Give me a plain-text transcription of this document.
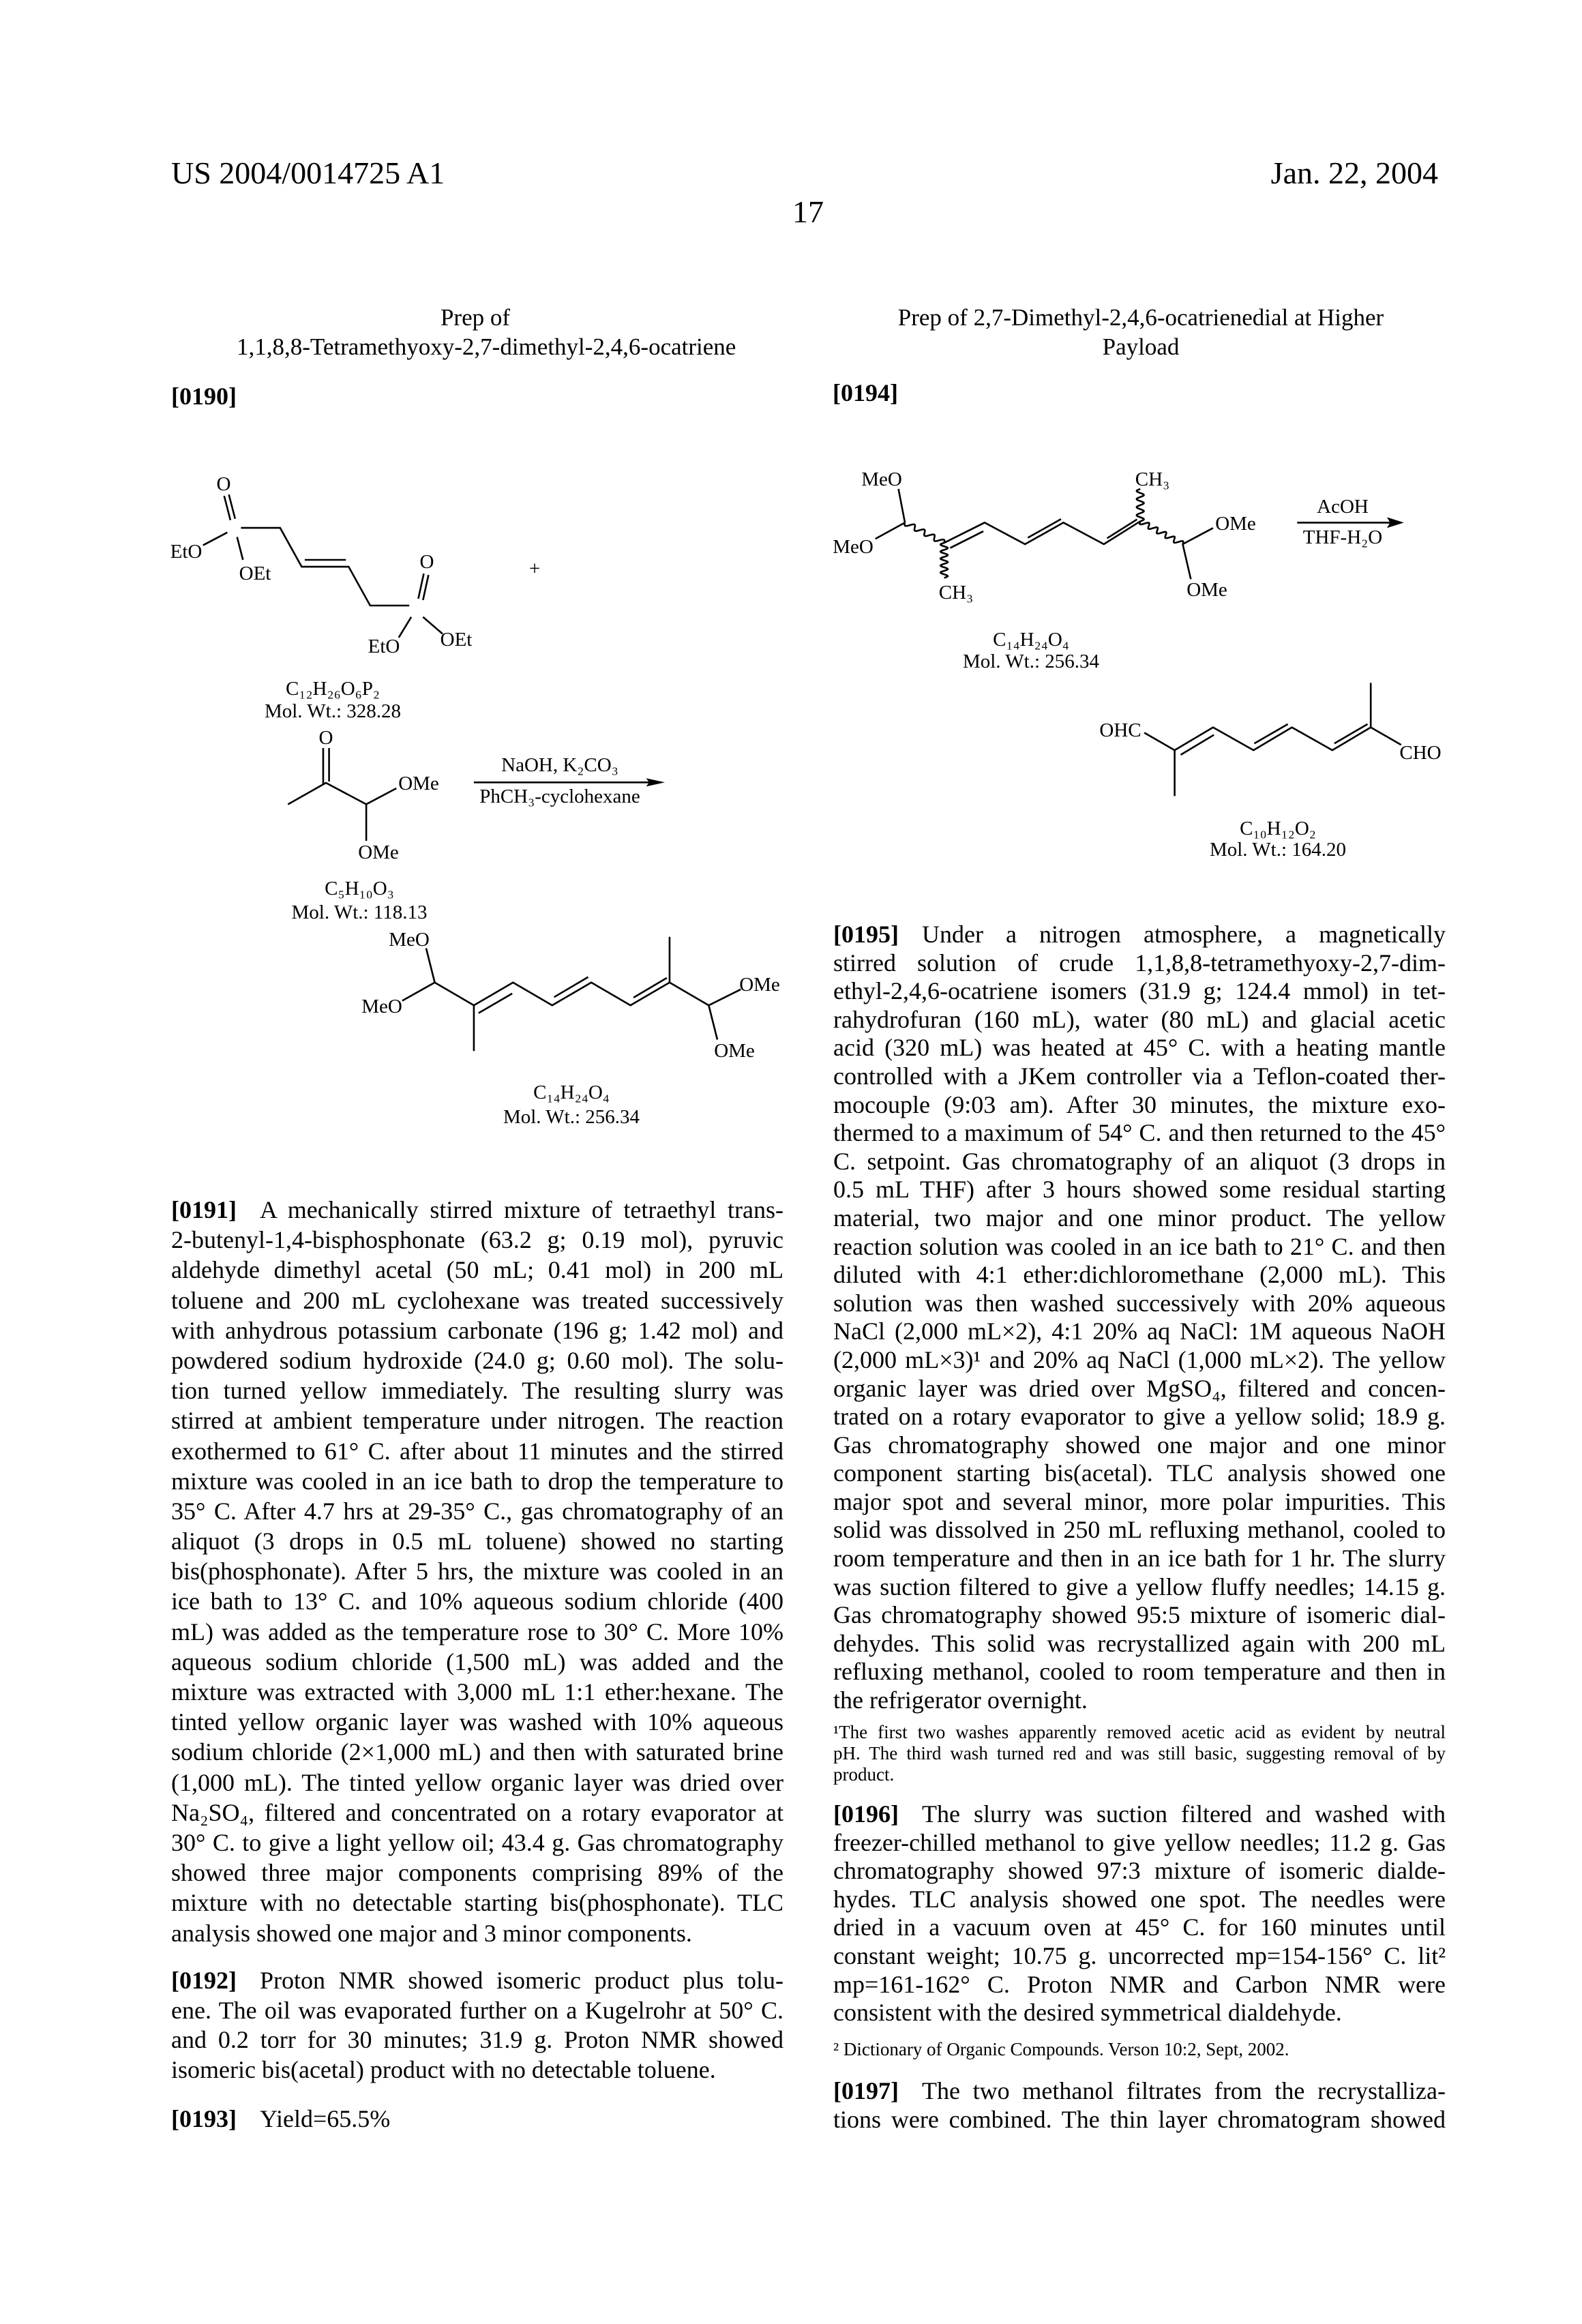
US 2004/0014725 A1	Jan. 22, 2004
17
Prep of
1,1,8,8-Tetramethyoxy-2,7-dimethyl-2,4,6-ocatriene
Prep of 2,7-Dimethyl-2,4,6-ocatrienedial at Higher
Payload
[0190]	[0194]
O
EtO
OEt
O
EtO OEt
+
C₁₂H₂₆O₆P₂
Mol. Wt.: 328.28
O
OMe
OMe
NaOH, K₂CO₃
PhCH₃-cyclohexane
C₅H₁₀O₃
Mol. Wt.: 118.13
MeO
MeO
OMe
OMe
C₁₄H₂₄O₄
Mol. Wt.: 256.34
MeO
MeO
CH₃
CH₃
OMe
OMe
AcOH
THF-H₂O
C₁₄H₂₄O₄
Mol. Wt.: 256.34
OHC
CHO
C₁₀H₁₂O₂
Mol. Wt.: 164.20
[0191] A mechanically stirred mixture of tetraethyl trans-
2-butenyl-1,4-bisphosphonate (63.2 g; 0.19 mol), pyruvic
aldehyde dimethyl acetal (50 mL; 0.41 mol) in 200 mL
toluene and 200 mL cyclohexane was treated successively
with anhydrous potassium carbonate (196 g; 1.42 mol) and
powdered sodium hydroxide (24.0 g; 0.60 mol). The solu-
tion turned yellow immediately. The resulting slurry was
stirred at ambient temperature under nitrogen. The reaction
exothermed to 61° C. after about 11 minutes and the stirred
mixture was cooled in an ice bath to drop the temperature to
35° C. After 4.7 hrs at 29-35° C., gas chromatography of an
aliquot (3 drops in 0.5 mL toluene) showed no starting
bis(phosphonate). After 5 hrs, the mixture was cooled in an
ice bath to 13° C. and 10% aqueous sodium chloride (400
mL) was added as the temperature rose to 30° C. More 10%
aqueous sodium chloride (1,500 mL) was added and the
mixture was extracted with 3,000 mL 1:1 ether:hexane. The
tinted yellow organic layer was washed with 10% aqueous
sodium chloride (2×1,000 mL) and then with saturated brine
(1,000 mL). The tinted yellow organic layer was dried over
Na₂SO₄, filtered and concentrated on a rotary evaporator at
30° C. to give a light yellow oil; 43.4 g. Gas chromatography
showed three major components comprising 89% of the
mixture with no detectable starting bis(phosphonate). TLC
analysis showed one major and 3 minor components.
[0192] Proton NMR showed isomeric product plus tolu-
ene. The oil was evaporated further on a Kugelrohr at 50° C.
and 0.2 torr for 30 minutes; 31.9 g. Proton NMR showed
isomeric bis(acetal) product with no detectable toluene.
[0193] Yield=65.5%
[0195] Under a nitrogen atmosphere, a magnetically
stirred solution of crude 1,1,8,8-tetramethyoxy-2,7-dim-
ethyl-2,4,6-ocatriene isomers (31.9 g; 124.4 mmol) in tet-
rahydrofuran (160 mL), water (80 mL) and glacial acetic
acid (320 mL) was heated at 45° C. with a heating mantle
controlled with a JKem controller via a Teflon-coated ther-
mocouple (9:03 am). After 30 minutes, the mixture exo-
thermed to a maximum of 54° C. and then returned to the 45°
C. setpoint. Gas chromatography of an aliquot (3 drops in
0.5 mL THF) after 3 hours showed some residual starting
material, two major and one minor product. The yellow
reaction solution was cooled in an ice bath to 21° C. and then
diluted with 4:1 ether:dichloromethane (2,000 mL). This
solution was then washed successively with 20% aqueous
NaCl (2,000 mL×2), 4:1 20% aq NaCl: 1M aqueous NaOH
(2,000 mL×3)¹ and 20% aq NaCl (1,000 mL×2). The yellow
organic layer was dried over MgSO₄, filtered and concen-
trated on a rotary evaporator to give a yellow solid; 18.9 g.
Gas chromatography showed one major and one minor
component starting bis(acetal). TLC analysis showed one
major spot and several minor, more polar impurities. This
solid was dissolved in 250 mL refluxing methanol, cooled to
room temperature and then in an ice bath for 1 hr. The slurry
was suction filtered to give a yellow fluffy needles; 14.15 g.
Gas chromatography showed 95:5 mixture of isomeric dial-
dehydes. This solid was recrystallized again with 200 mL
refluxing methanol, cooled to room temperature and then in
the refrigerator overnight.
¹The first two washes apparently removed acetic acid as evident by neutral
pH. The third wash turned red and was still basic, suggesting removal of by
product.
[0196] The slurry was suction filtered and washed with
freezer-chilled methanol to give yellow needles; 11.2 g. Gas
chromatography showed 97:3 mixture of isomeric dialde-
hydes. TLC analysis showed one spot. The needles were
dried in a vacuum oven at 45° C. for 160 minutes until
constant weight; 10.75 g. uncorrected mp=154-156° C. lit²
mp=161-162° C. Proton NMR and Carbon NMR were
consistent with the desired symmetrical dialdehyde.
² Dictionary of Organic Compounds. Verson 10:2, Sept, 2002.
[0197] The two methanol filtrates from the recrystalliza-
tions were combined. The thin layer chromatogram showed
